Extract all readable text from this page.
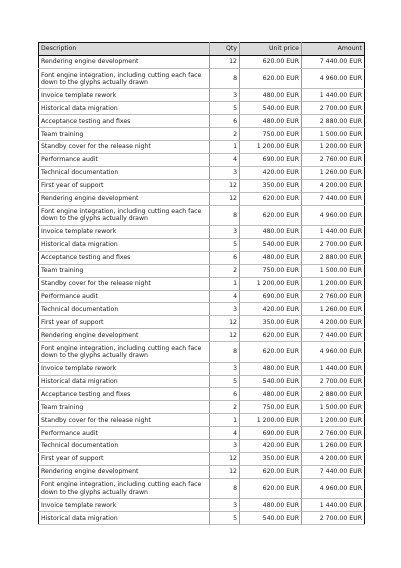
Description	Qty	Unit price	Amount
Rendering engine development	12	620.00 EUR	7 440.00 EUR
Font engine integration, including cutting each face down to the glyphs actually drawn	8	620.00 EUR	4 960.00 EUR
Invoice template rework	3	480.00 EUR	1 440.00 EUR
Historical data migration	5	540.00 EUR	2 700.00 EUR
Acceptance testing and fixes	6	480.00 EUR	2 880.00 EUR
Team training	2	750.00 EUR	1 500.00 EUR
Standby cover for the release night	1	1 200.00 EUR	1 200.00 EUR
Performance audit	4	690.00 EUR	2 760.00 EUR
Technical documentation	3	420.00 EUR	1 260.00 EUR
First year of support	12	350.00 EUR	4 200.00 EUR
Rendering engine development	12	620.00 EUR	7 440.00 EUR
Font engine integration, including cutting each face down to the glyphs actually drawn	8	620.00 EUR	4 960.00 EUR
Invoice template rework	3	480.00 EUR	1 440.00 EUR
Historical data migration	5	540.00 EUR	2 700.00 EUR
Acceptance testing and fixes	6	480.00 EUR	2 880.00 EUR
Team training	2	750.00 EUR	1 500.00 EUR
Standby cover for the release night	1	1 200.00 EUR	1 200.00 EUR
Performance audit	4	690.00 EUR	2 760.00 EUR
Technical documentation	3	420.00 EUR	1 260.00 EUR
First year of support	12	350.00 EUR	4 200.00 EUR
Rendering engine development	12	620.00 EUR	7 440.00 EUR
Font engine integration, including cutting each face down to the glyphs actually drawn	8	620.00 EUR	4 960.00 EUR
Invoice template rework	3	480.00 EUR	1 440.00 EUR
Historical data migration	5	540.00 EUR	2 700.00 EUR
Acceptance testing and fixes	6	480.00 EUR	2 880.00 EUR
Team training	2	750.00 EUR	1 500.00 EUR
Standby cover for the release night	1	1 200.00 EUR	1 200.00 EUR
Performance audit	4	690.00 EUR	2 760.00 EUR
Technical documentation	3	420.00 EUR	1 260.00 EUR
First year of support	12	350.00 EUR	4 200.00 EUR
Rendering engine development	12	620.00 EUR	7 440.00 EUR
Font engine integration, including cutting each face down to the glyphs actually drawn	8	620.00 EUR	4 960.00 EUR
Invoice template rework	3	480.00 EUR	1 440.00 EUR
Historical data migration	5	540.00 EUR	2 700.00 EUR
